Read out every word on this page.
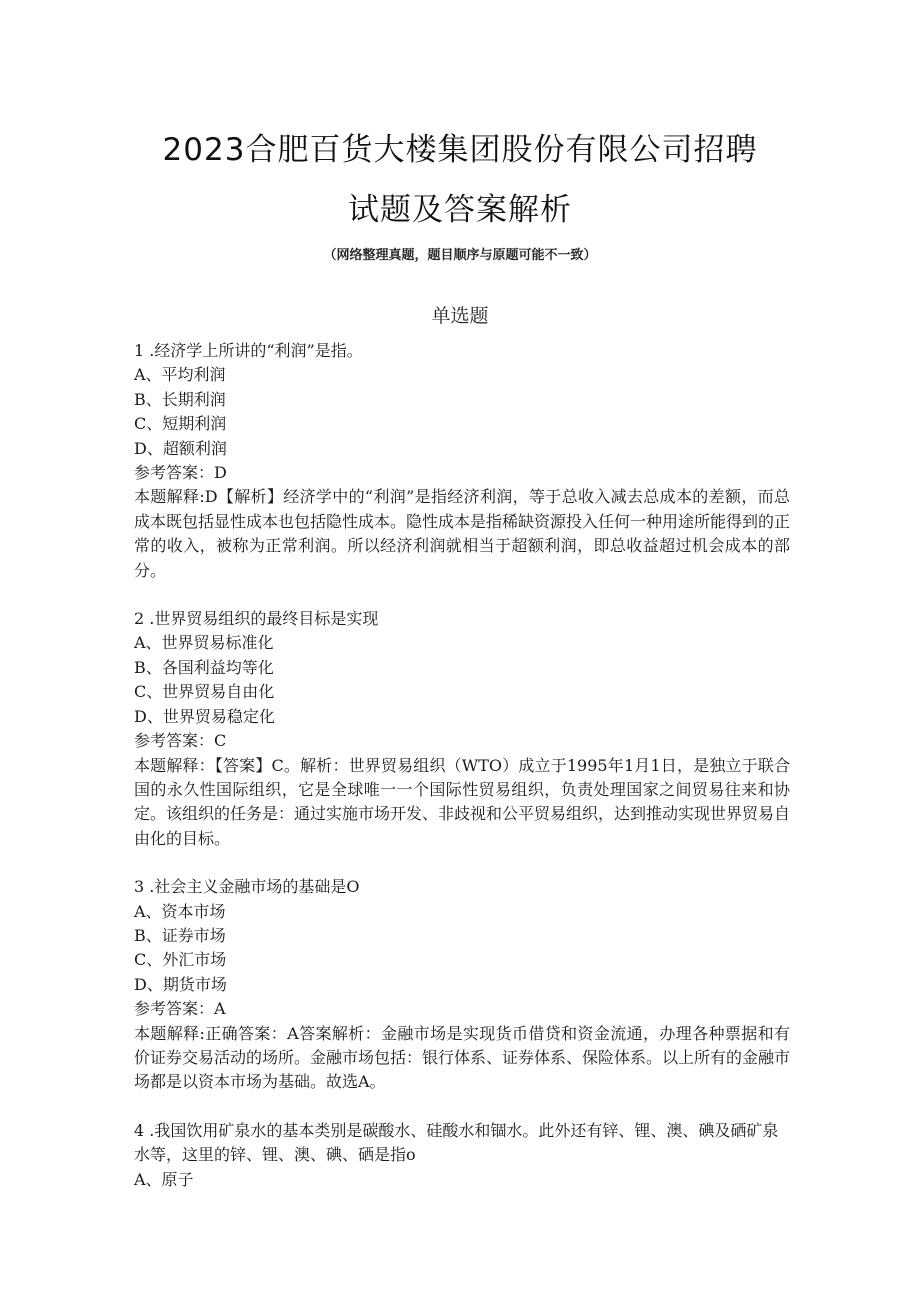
2023合肥百货大楼集团股份有限公司招聘
试题及答案解析
（网络整理真题，题目顺序与原题可能不一致）
单选题

1 .经济学上所讲的“利润”是指。

A、平均利润

B、长期利润

C、短期利润

D、超额利润

参考答案：D

本题解释:D【解析】经济学中的“利润”是指经济利润，等于总收入减去总成本的差额，而总成本既包括显性成本也包括隐性成本。隐性成本是指稀缺资源投入任何一种用途所能得到的正常的收入，被称为正常利润。所以经济利润就相当于超额利润，即总收益超过机会成本的部分。

2 .世界贸易组织的最终目标是实现

A、世界贸易标准化

B、各国利益均等化

C、世界贸易自由化

D、世界贸易稳定化

参考答案：C

本题解释：【答案】C。解析：世界贸易组织（WTO）成立于1995年1月1日，是独立于联合国的永久性国际组织，它是全球唯一一个国际性贸易组织，负责处理国家之间贸易往来和协定。该组织的任务是：通过实施市场开发、非歧视和公平贸易组织，达到推动实现世界贸易自由化的目标。

3 .社会主义金融市场的基础是O

A、资本市场

B、证券市场

C、外汇市场

D、期货市场

参考答案：A

本题解释:正确答案：A答案解析：金融市场是实现货币借贷和资金流通，办理各种票据和有价证券交易活动的场所。金融市场包括：银行体系、证券体系、保险体系。以上所有的金融市场都是以资本市场为基础。故选A。

4 .我国饮用矿泉水的基本类别是碳酸水、硅酸水和锢水。此外还有锌、锂、澳、碘及硒矿泉水等，这里的锌、锂、澳、碘、硒是指o

A、原子
